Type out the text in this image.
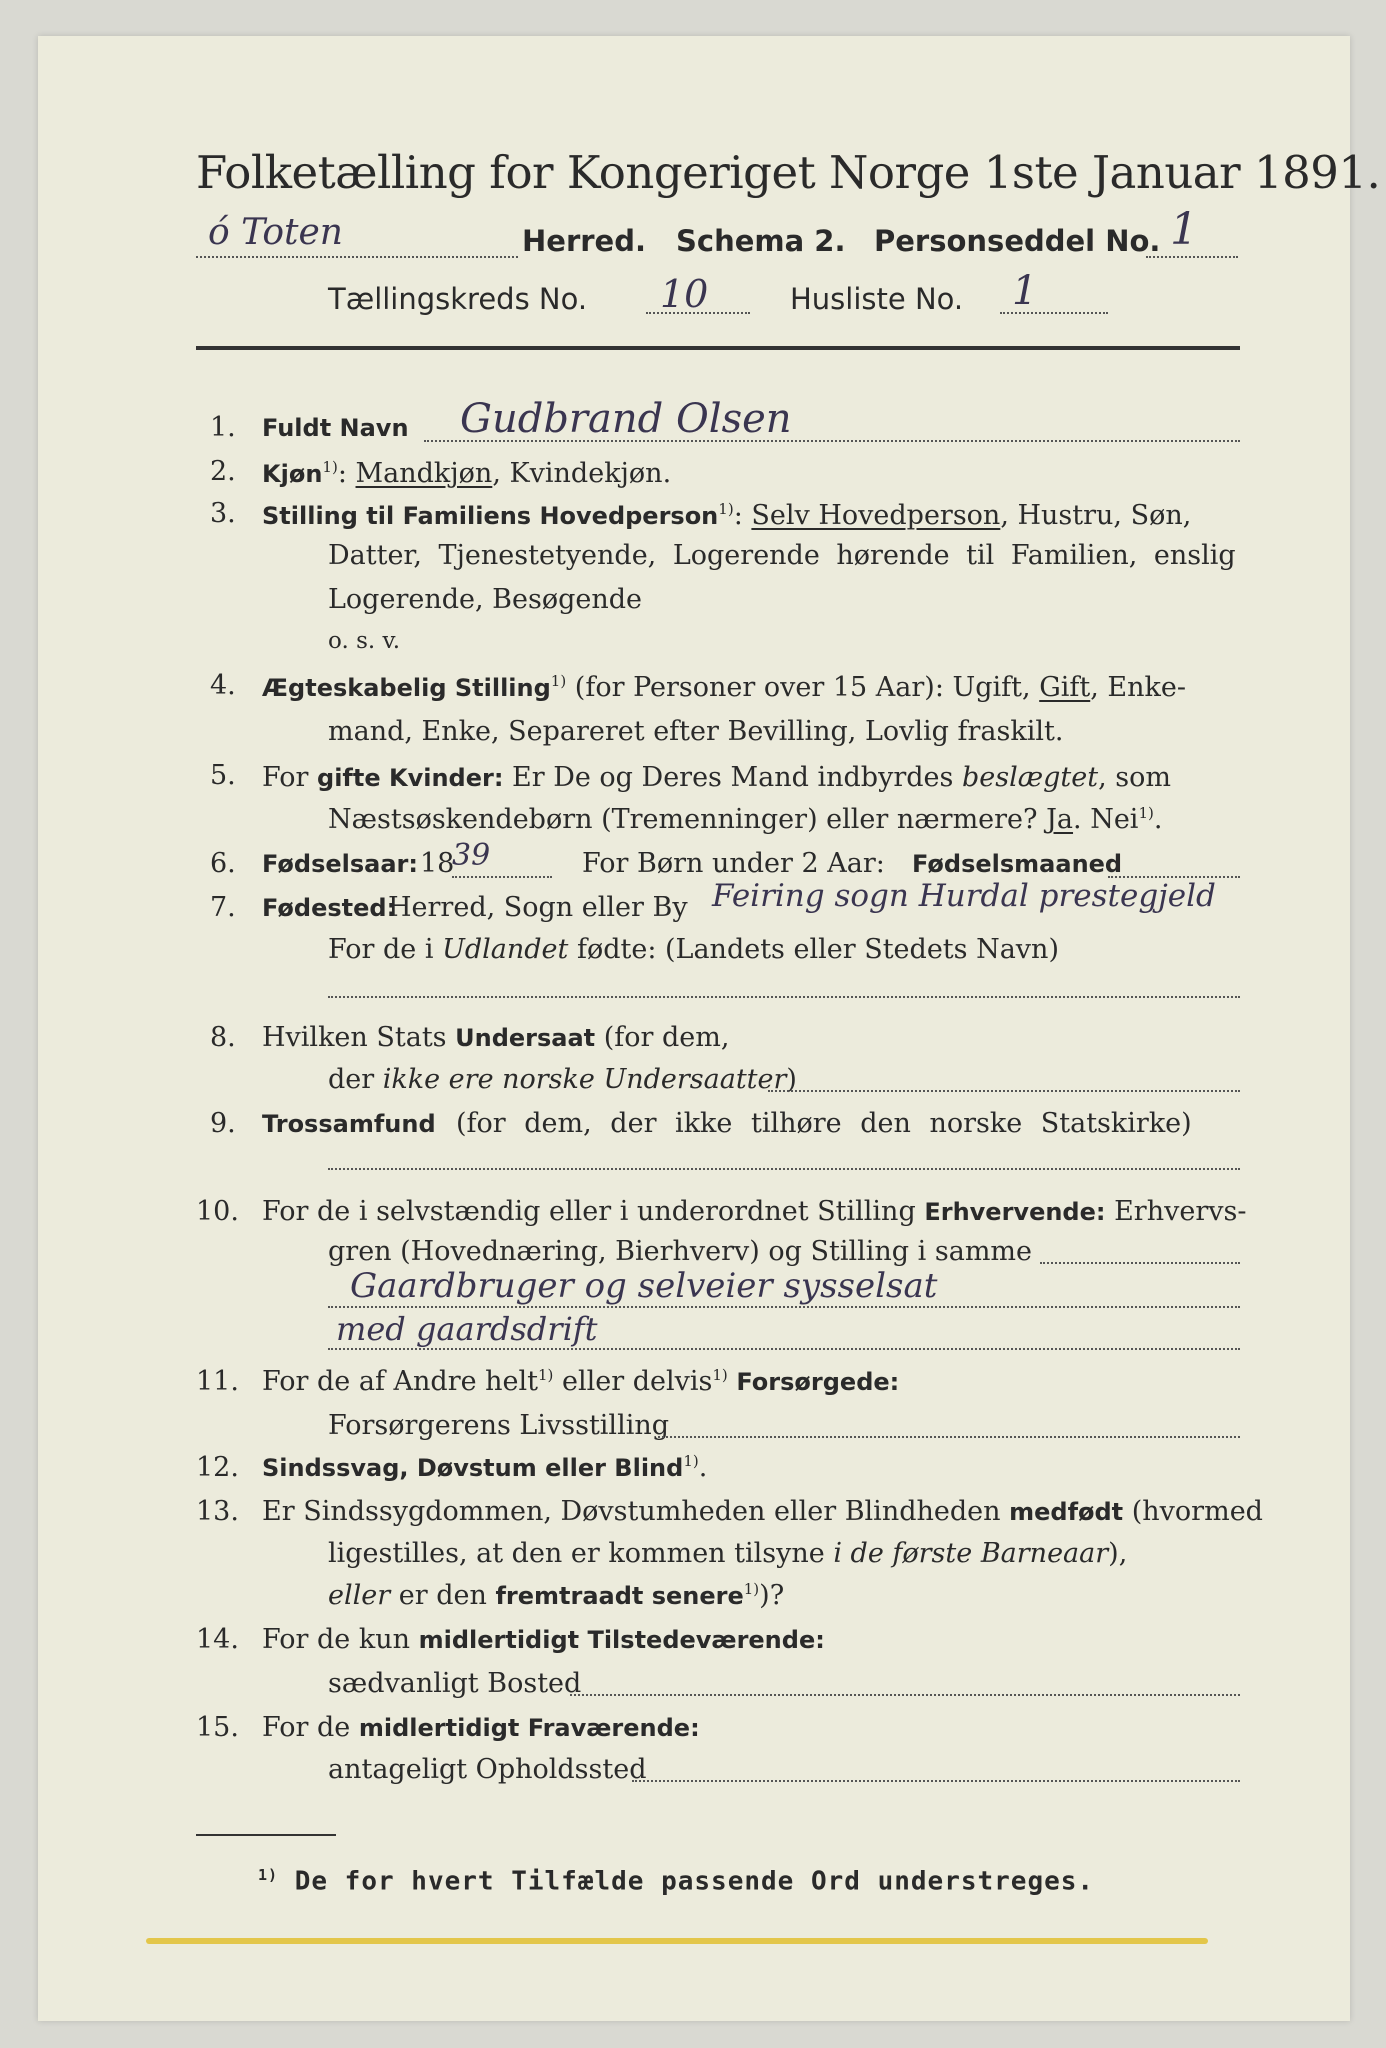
Folketælling for Kongeriget Norge 1ste Januar 1891.
ó Toten	Herred. Schema 2. Personseddel No. 1
Tællingskreds No. 10	Husliste No. 1
1. Fuldt Navn Gudbrand Olsen
2. Kjøn$^{1)}$: Mandkjøn, Kvindekjøn.
3. Stilling til Familiens Hovedperson$^{1)}$: Selv Hovedperson, Hustru, Søn,
Datter, Tjenestetyende, Logerende hørende til Familien, enslig
Logerende, Besøgende
o. s. v.
4. Ægteskabelig Stilling$^{1)}$ (for Personer over 15 Aar): Ugift, Gift, Enke-
mand, Enke, Separeret efter Bevilling, Lovlig fraskilt.
5. For gifte Kvinder: Er De og Deres Mand indbyrdes beslægtet, som
Næstsøskendebørn (Tremenninger) eller nærmere? Ja. Nei$^{1)}$.
6. Fødselsaar: 18
39	For Børn under 2 Aar: Fødselsmaaned
7. Fødested:
Herred, Sogn eller By Feiring sogn Hurdal prestegjeld
For de i Udlandet fødte: (Landets eller Stedets Navn)
8. Hvilken Stats Undersaat (for dem,
der ikke ere norske Undersaatter)
9. Trossamfund (for dem, der ikke tilhøre den norske Statskirke)
10. For de i selvstændig eller i underordnet Stilling Erhvervende: Erhvervs-
gren (Hovednæring, Bierhverv) og Stilling i samme
Gaardbruger og selveier sysselsat
med gaardsdrift
11. For de af Andre helt$^{1)}$ eller delvis$^{1)}$ Forsørgede:
Forsørgerens Livsstilling
12. Sindssvag, Døvstum eller Blind$^{1)}$.
13. Er Sindssygdommen, Døvstumheden eller Blindheden medfødt (hvormed
ligestilles, at den er kommen tilsyne i de første Barneaar),
eller er den fremtraadt senere$^{1)}$)?
14. For de kun midlertidigt Tilstedeværende:
sædvanligt Bosted
15. For de midlertidigt Fraværende:
antageligt Opholdssted
$^{1)}$ De for hvert Tilfælde passende Ord understreges.
